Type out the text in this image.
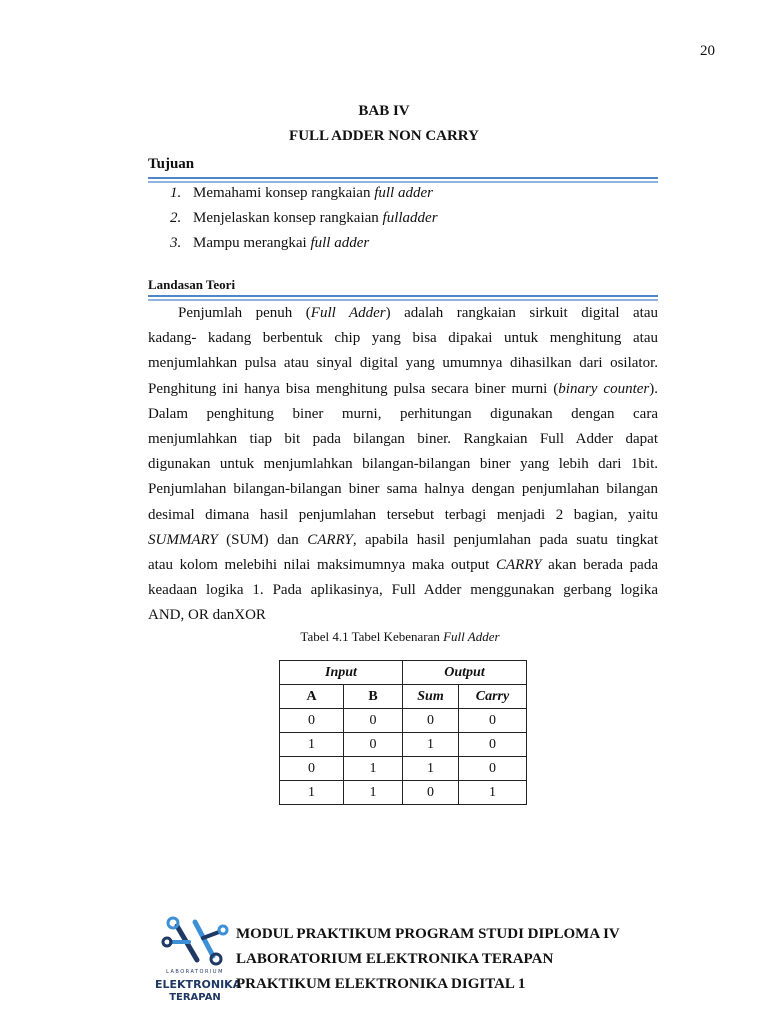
20
BAB IV
FULL ADDER NON CARRY
Tujuan
1. Memahami konsep rangkaian full adder
2. Menjelaskan konsep rangkaian fulladder
3. Mampu merangkai full adder
Landasan Teori
Penjumlah penuh (Full Adder) adalah rangkaian sirkuit digital atau
kadang- kadang berbentuk chip yang bisa dipakai untuk menghitung atau
menjumlahkan pulsa atau sinyal digital yang umumnya dihasilkan dari osilator.
Penghitung ini hanya bisa menghitung pulsa secara biner murni (binary counter).
Dalam penghitung biner murni, perhitungan digunakan dengan cara
menjumlahkan tiap bit pada bilangan biner. Rangkaian Full Adder dapat
digunakan untuk menjumlahkan bilangan-bilangan biner yang lebih dari 1bit.
Penjumlahan bilangan-bilangan biner sama halnya dengan penjumlahan bilangan
desimal dimana hasil penjumlahan tersebut terbagi menjadi 2 bagian, yaitu
SUMMARY (SUM) dan CARRY, apabila hasil penjumlahan pada suatu tingkat
atau kolom melebihi nilai maksimumnya maka output CARRY akan berada pada
keadaan logika 1. Pada aplikasinya, Full Adder menggunakan gerbang logika
AND, OR danXOR
Tabel 4.1 Tabel Kebenaran Full Adder
Input		Output	
A	B	Sum	Carry
0	0	0	0
1	0	1	0
0	1	1	0
1	1	0	1
LABORATORIUM
ELEKTRONIKA
TERAPAN
MODUL PRAKTIKUM PROGRAM STUDI DIPLOMA IV
LABORATORIUM ELEKTRONIKA TERAPAN
PRAKTIKUM ELEKTRONIKA DIGITAL 1
